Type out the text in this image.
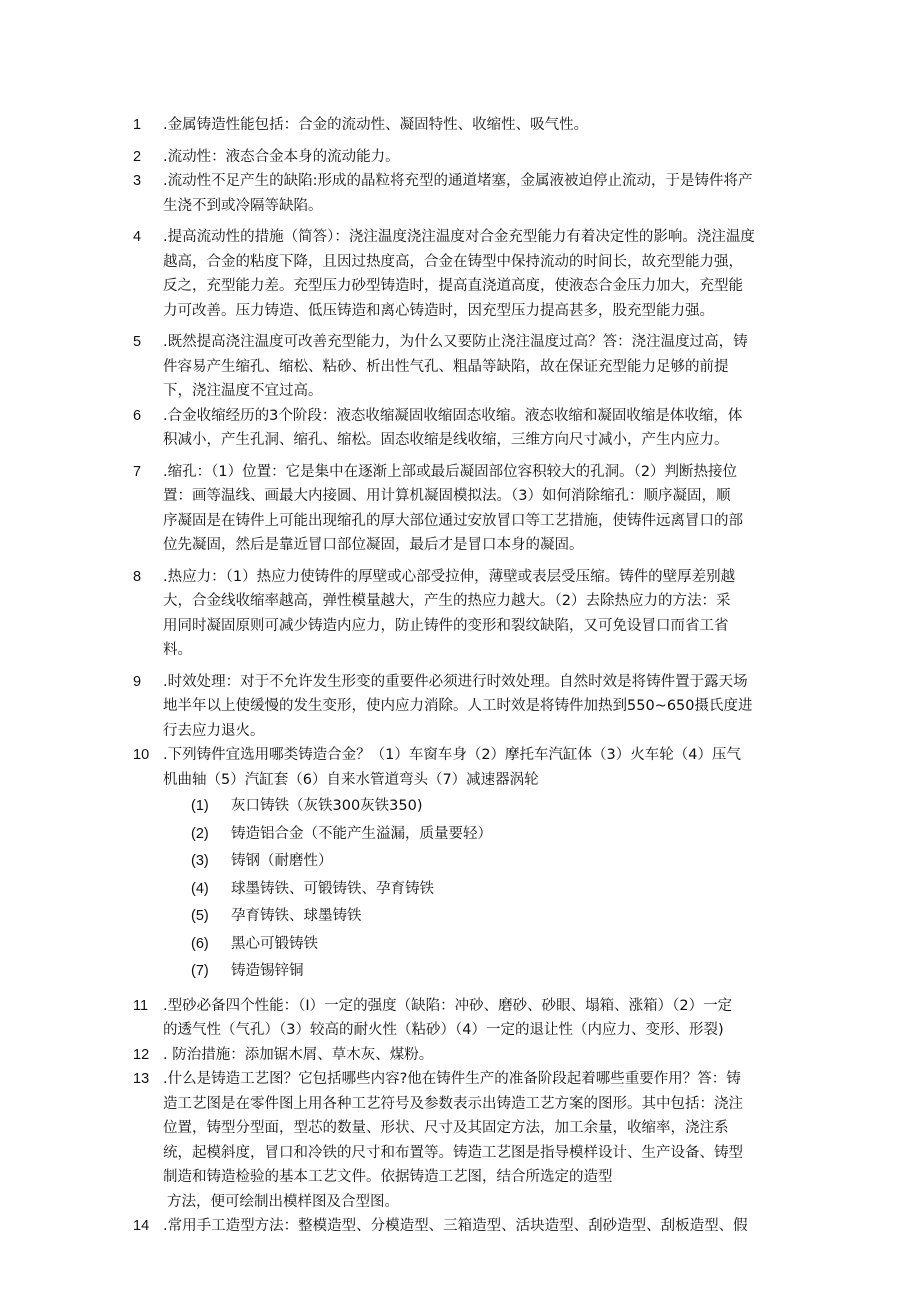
1 .金属铸造性能包括：合金的流动性、凝固特性、收缩性、吸气性。
2 .流动性：液态合金本身的流动能力。
3 .流动性不足产生的缺陷:形成的晶粒将充型的通道堵塞，金属液被迫停止流动，于是铸件将产
生浇不到或冷隔等缺陷。
4 .提高流动性的措施（简答）：浇注温度浇注温度对合金充型能力有着决定性的影响。浇注温度
越高，合金的粘度下降，且因过热度高，合金在铸型中保持流动的时间长，故充型能力强，
反之，充型能力差。充型压力砂型铸造时，提高直浇道高度，使液态合金压力加大，充型能
力可改善。压力铸造、低压铸造和离心铸造时，因充型压力提高甚多，股充型能力强。
5 .既然提高浇注温度可改善充型能力，为什么又要防止浇注温度过高？答：浇注温度过高，铸
件容易产生缩孔、缩松、粘砂、析出性气孔、粗晶等缺陷，故在保证充型能力足够的前提
下，浇注温度不宜过高。
6 .合金收缩经历的3个阶段：液态收缩凝固收缩固态收缩。液态收缩和凝固收缩是体收缩，体
积减小，产生孔洞、缩孔、缩松。固态收缩是线收缩，三维方向尺寸减小，产生内应力。
7 .缩孔：（1）位置：它是集中在逐渐上部或最后凝固部位容积较大的孔洞。（2）判断热接位
置：画等温线、画最大内接圆、用计算机凝固模拟法。（3）如何消除缩孔：顺序凝固，顺
序凝固是在铸件上可能出现缩孔的厚大部位通过安放冒口等工艺措施，使铸件远离冒口的部
位先凝固，然后是靠近冒口部位凝固，最后才是冒口本身的凝固。
8 .热应力：（1）热应力使铸件的厚壁或心部受拉伸，薄壁或表层受压缩。铸件的壁厚差别越
大，合金线收缩率越高，弹性模量越大，产生的热应力越大。（2）去除热应力的方法：采
用同时凝固原则可减少铸造内应力，防止铸件的变形和裂纹缺陷，又可免设冒口而省工省
料。
9 .时效处理：对于不允许发生形变的重要件必须进行时效处理。自然时效是将铸件置于露天场
地半年以上使缓慢的发生变形，使内应力消除。人工时效是将铸件加热到550~650摄氏度进
行去应力退火。
10 .下列铸件宜选用哪类铸造合金？（1）车窗车身（2）摩托车汽缸体（3）火车轮（4）压气
机曲轴（5）汽缸套（6）自来水管道弯头（7）减速器涡轮
(1) 灰口铸铁（灰铁300灰铁350)
(2) 铸造铝合金（不能产生溢漏，质量要轻）
(3) 铸钢（耐磨性）
(4) 球墨铸铁、可锻铸铁、孕育铸铁
(5) 孕育铸铁、球墨铸铁
(6) 黑心可锻铸铁
(7) 铸造锡锌铜
11 .型砂必备四个性能：（I）一定的强度（缺陷：冲砂、磨砂、砂眼、塌箱、涨箱）（2）一定
的透气性（气孔）（3）较高的耐火性（粘砂）（4）一定的退让性（内应力、变形、形裂)
12 . 防治措施：添加锯木屑、草木灰、煤粉。
13 .什么是铸造工艺图？它包括哪些内容?他在铸件生产的准备阶段起着哪些重要作用？答：铸
造工艺图是在零件图上用各种工艺符号及参数表示出铸造工艺方案的图形。其中包括：浇注
位置，铸型分型面，型芯的数量、形状、尺寸及其固定方法，加工余量，收缩率，浇注系
统，起模斜度，冒口和冷铁的尺寸和布置等。铸造工艺图是指导模样设计、生产设备、铸型
制造和铸造检验的基本工艺文件。依据铸造工艺图，结合所选定的造型
方法，便可绘制出模样图及合型图。
14 .常用手工造型方法：整模造型、分模造型、三箱造型、活块造型、刮砂造型、刮板造型、假
